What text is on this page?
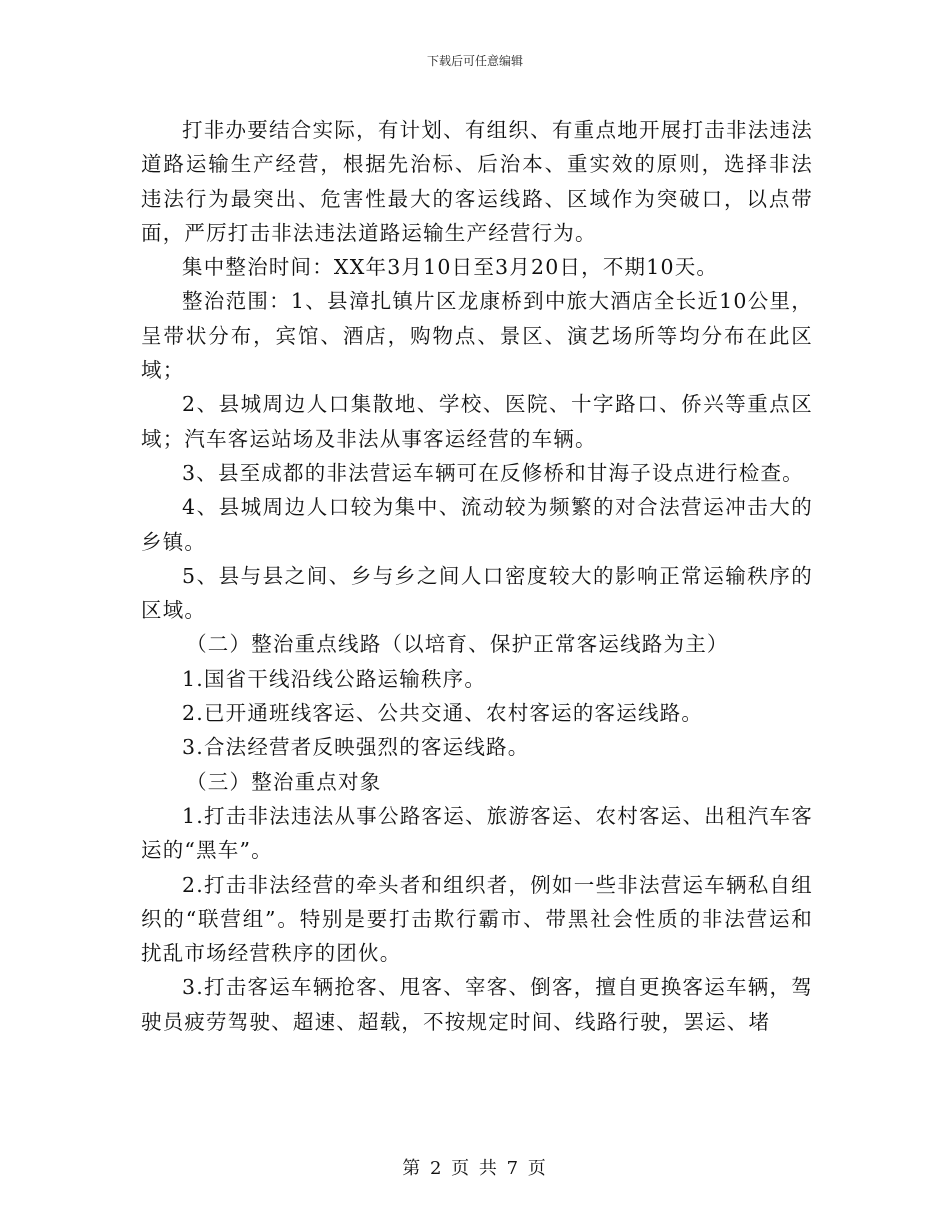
下载后可任意编辑

打非办要结合实际，有计划、有组织、有重点地开展打击非法违法道路运输生产经营，根据先治标、后治本、重实效的原则，选择非法违法行为最突出、危害性最大的客运线路、区域作为突破口，以点带面，严厉打击非法违法道路运输生产经营行为。

集中整治时间：XX年3月10日至3月20日，不期10天。

整治范围：1、县漳扎镇片区龙康桥到中旅大酒店全长近10公里，呈带状分布，宾馆、酒店，购物点、景区、演艺场所等均分布在此区域；

2、县城周边人口集散地、学校、医院、十字路口、侨兴等重点区域；汽车客运站场及非法从事客运经营的车辆。

3、县至成都的非法营运车辆可在反修桥和甘海子设点进行检查。

4、县城周边人口较为集中、流动较为频繁的对合法营运冲击大的乡镇。

5、县与县之间、乡与乡之间人口密度较大的影响正常运输秩序的区域。

（二）整治重点线路（以培育、保护正常客运线路为主）

1.国省干线沿线公路运输秩序。

2.已开通班线客运、公共交通、农村客运的客运线路。

3.合法经营者反映强烈的客运线路。

（三）整治重点对象

1.打击非法违法从事公路客运、旅游客运、农村客运、出租汽车客运的“黑车”。

2.打击非法经营的牵头者和组织者，例如一些非法营运车辆私自组织的“联营组”。特别是要打击欺行霸市、带黑社会性质的非法营运和扰乱市场经营秩序的团伙。

3.打击客运车辆抢客、甩客、宰客、倒客，擅自更换客运车辆，驾驶员疲劳驾驶、超速、超载，不按规定时间、线路行驶，罢运、堵

第 2 页 共 7 页
